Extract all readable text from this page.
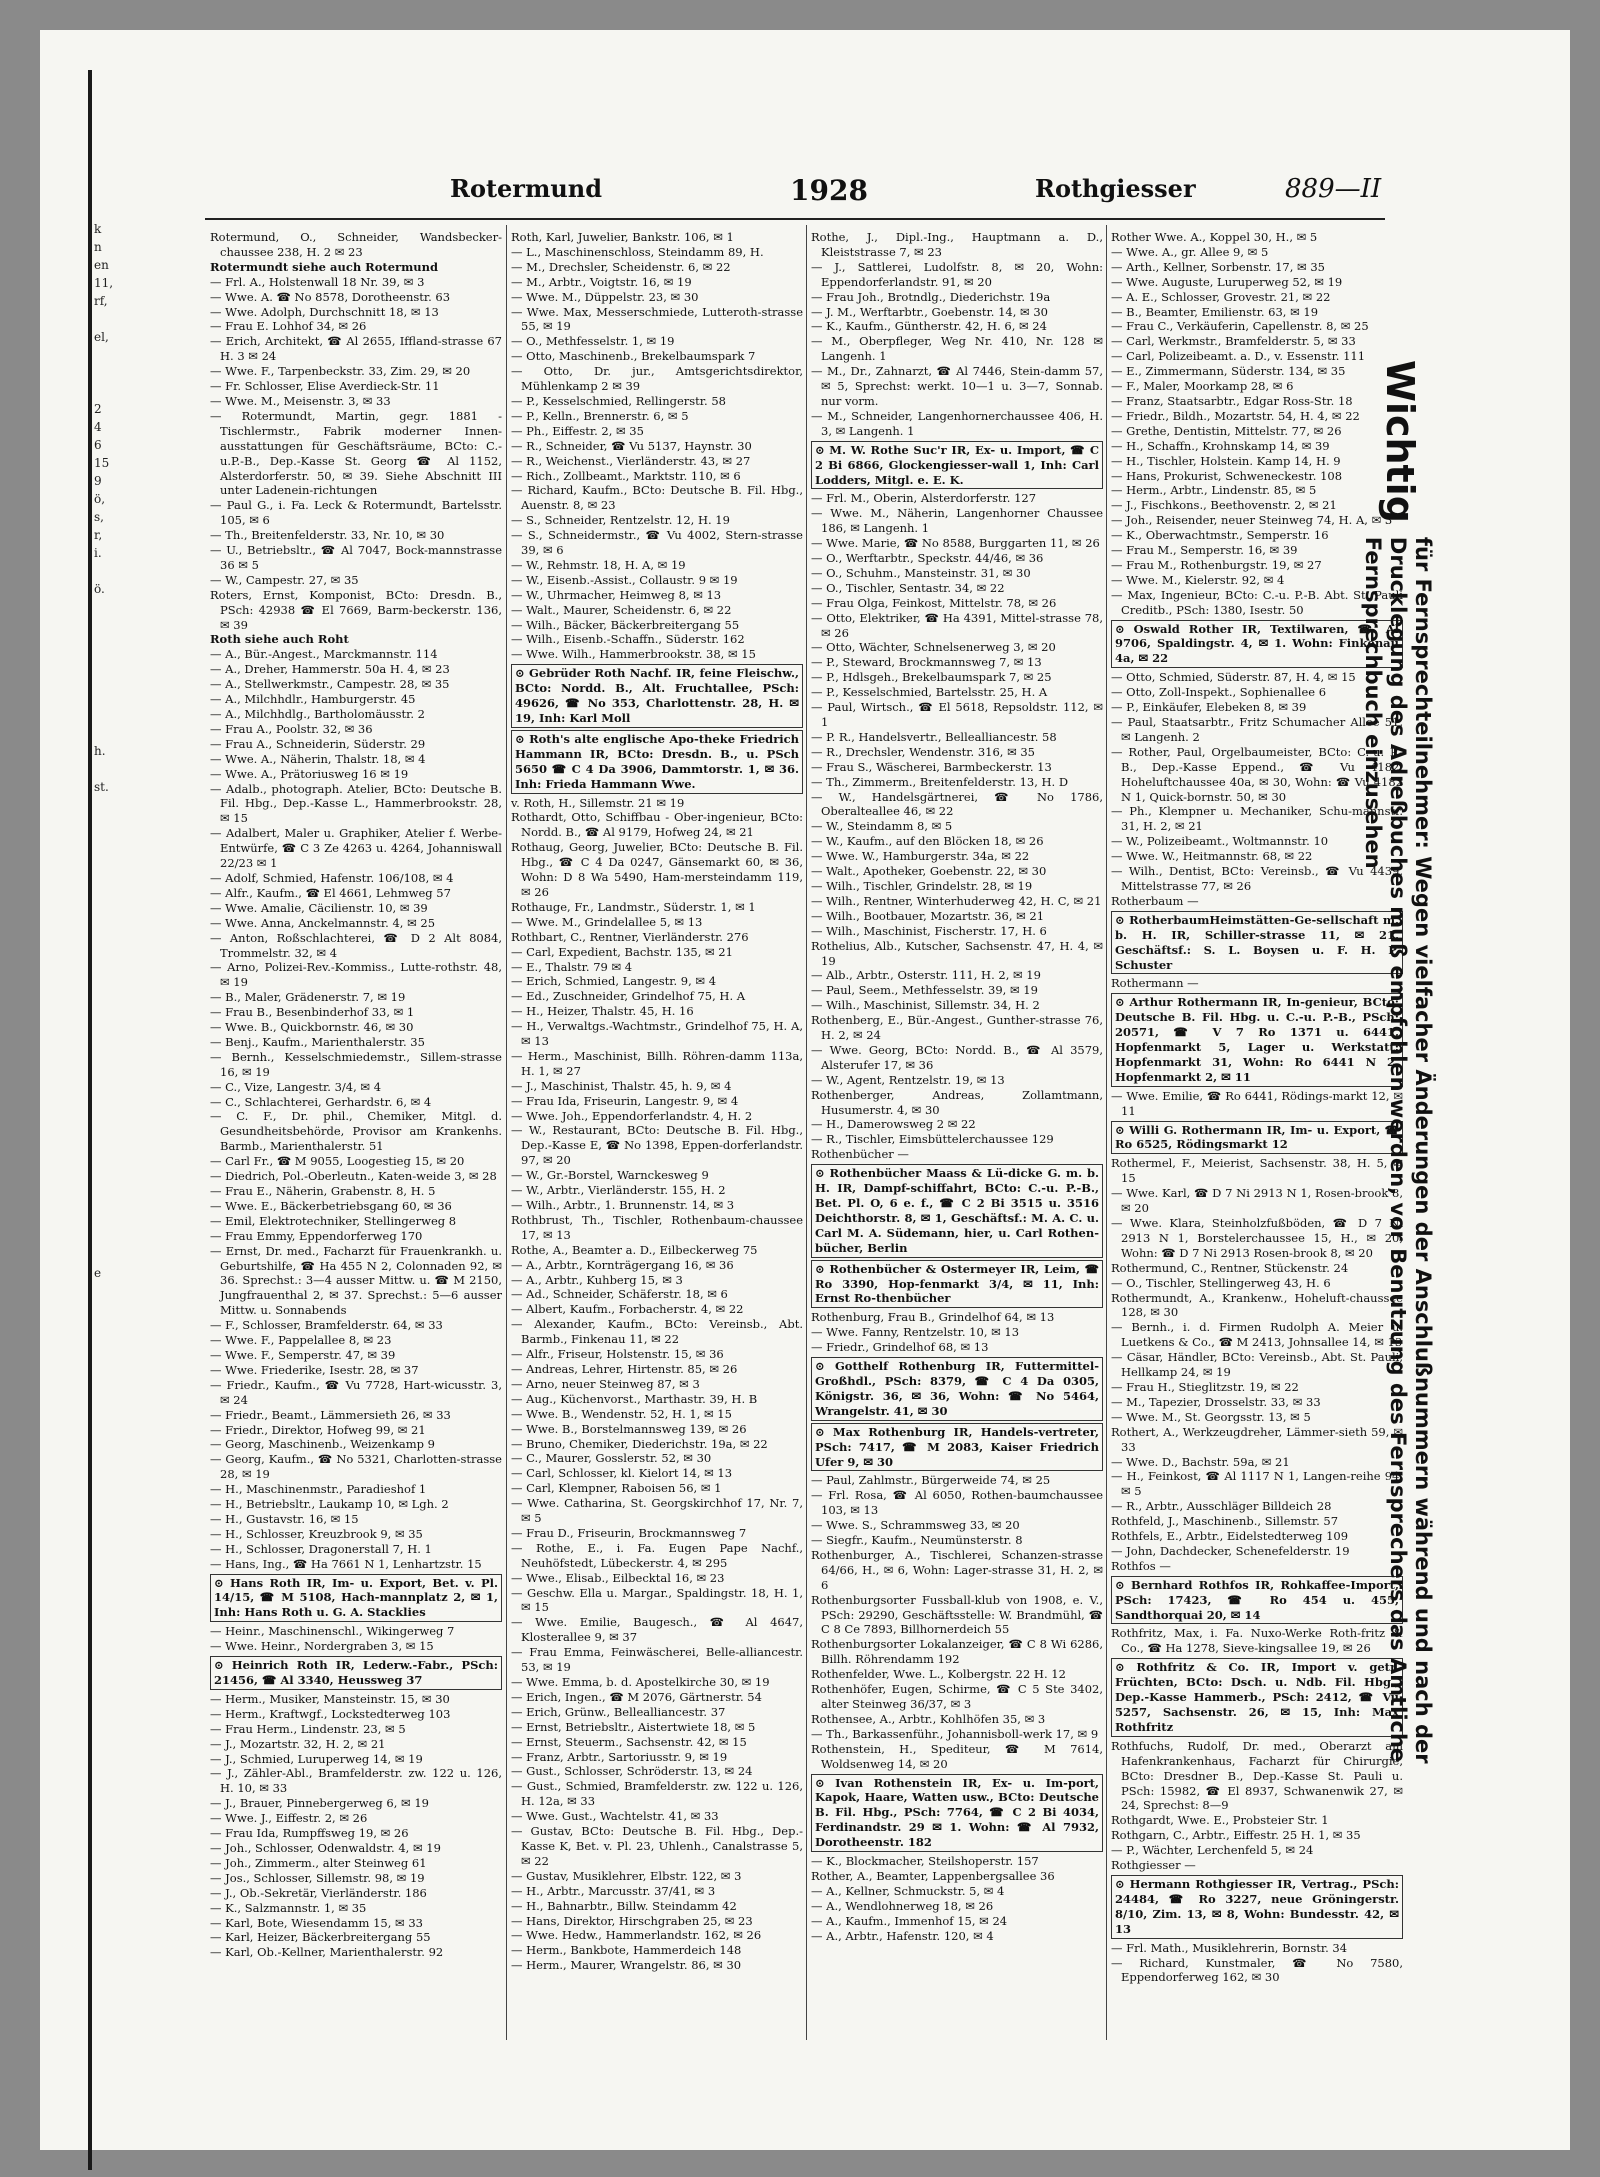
k
n
en
11,
rf,

el,

2
4
6
15
9
ö,
s,
r,
i.

ö.

h.

st.

e

Rotermund	1928	Rothgiesser	889—II

Rotermund, O., Schneider, Wandsbecker-chaussee 238, H. 2 ✉ 23

Rotermundt siehe auch Rotermund

— Frl. A., Holstenwall 18 Nr. 39, ✉ 3

— Wwe. A. ☎ No 8578, Dorotheenstr. 63

— Wwe. Adolph, Durchschnitt 18, ✉ 13

— Frau E. Lohhof 34, ✉ 26

— Erich, Architekt, ☎ Al 2655, Iffland-strasse 67 H. 3 ✉ 24

— Wwe. F., Tarpenbeckstr. 33, Zim. 29, ✉ 20

— Fr. Schlosser, Elise Averdieck-Str. 11

— Wwe. M., Meisenstr. 3, ✉ 33

— Rotermundt, Martin, gegr. 1881 - Tischlermstr., Fabrik moderner Innen-ausstattungen für Geschäftsräume, BCto: C.-u.P.-B., Dep.-Kasse St. Georg ☎ Al 1152, Alsterdorferstr. 50, ✉ 39. Siehe Abschnitt III unter Ladenein-richtungen

— Paul G., i. Fa. Leck & Rotermundt, Bartelsstr. 105, ✉ 6

— Th., Breitenfelderstr. 33, Nr. 10, ✉ 30

— U., Betriebsltr., ☎ Al 7047, Bock-mannstrasse 36 ✉ 5

— W., Campestr. 27, ✉ 35

Roters, Ernst, Komponist, BCto: Dresdn. B., PSch: 42938 ☎ El 7669, Barm-beckerstr. 136, ✉ 39

Roth siehe auch Roht

— A., Bür.-Angest., Marckmannstr. 114

— A., Dreher, Hammerstr. 50a H. 4, ✉ 23

— A., Stellwerkmstr., Campestr. 28, ✉ 35

— A., Milchhdlr., Hamburgerstr. 45

— A., Milchhdlg., Bartholomäusstr. 2

— Frau A., Poolstr. 32, ✉ 36

— Frau A., Schneiderin, Süderstr. 29

— Wwe. A., Näherin, Thalstr. 18, ✉ 4

— Wwe. A., Prätoriusweg 16 ✉ 19

— Adalb., photograph. Atelier, BCto: Deutsche B. Fil. Hbg., Dep.-Kasse L., Hammerbrookstr. 28, ✉ 15

— Adalbert, Maler u. Graphiker, Atelier f. Werbe-Entwürfe, ☎ C 3 Ze 4263 u. 4264, Johanniswall 22/23 ✉ 1

— Adolf, Schmied, Hafenstr. 106/108, ✉ 4

— Alfr., Kaufm., ☎ El 4661, Lehmweg 57

— Wwe. Amalie, Cäcilienstr. 10, ✉ 39

— Wwe. Anna, Anckelmannstr. 4, ✉ 25

— Anton, Roßschlachterei, ☎ D 2 Alt 8084, Trommelstr. 32, ✉ 4

— Arno, Polizei-Rev.-Kommiss., Lutte-rothstr. 48, ✉ 19

— B., Maler, Grädenerstr. 7, ✉ 19

— Frau B., Besenbinderhof 33, ✉ 1

— Wwe. B., Quickbornstr. 46, ✉ 30

— Benj., Kaufm., Marienthalerstr. 35

— Bernh., Kesselschmiedemstr., Sillem-strasse 16, ✉ 19

— C., Vize, Langestr. 3/4, ✉ 4

— C., Schlachterei, Gerhardstr. 6, ✉ 4

— C. F., Dr. phil., Chemiker, Mitgl. d. Gesundheitsbehörde, Provisor am Krankenhs. Barmb., Marienthalerstr. 51

— Carl Fr., ☎ M 9055, Loogestieg 15, ✉ 20

— Diedrich, Pol.-Oberleutn., Katen-weide 3, ✉ 28

— Frau E., Näherin, Grabenstr. 8, H. 5

— Wwe. E., Bäckerbetriebsgang 60, ✉ 36

— Emil, Elektrotechniker, Stellingerweg 8

— Frau Emmy, Eppendorferweg 170

— Ernst, Dr. med., Facharzt für Frauenkrankh. u. Geburtshilfe, ☎ Ha 455 N 2, Colonnaden 92, ✉ 36. Sprechst.: 3—4 ausser Mittw. u. ☎ M 2150, Jungfrauenthal 2, ✉ 37. Sprechst.: 5—6 ausser Mittw. u. Sonnabends

— F., Schlosser, Bramfelderstr. 64, ✉ 33

— Wwe. F., Pappelallee 8, ✉ 23

— Wwe. F., Semperstr. 47, ✉ 39

— Wwe. Friederike, Isestr. 28, ✉ 37

— Friedr., Kaufm., ☎ Vu 7728, Hart-wicusstr. 3, ✉ 24

— Friedr., Beamt., Lämmersieth 26, ✉ 33

— Friedr., Direktor, Hofweg 99, ✉ 21

— Georg, Maschinenb., Weizenkamp 9

— Georg, Kaufm., ☎ No 5321, Charlotten-strasse 28, ✉ 19

— H., Maschinenmstr., Paradieshof 1

— H., Betriebsltr., Laukamp 10, ✉ Lgh. 2

— H., Gustavstr. 16, ✉ 15

— H., Schlosser, Kreuzbrook 9, ✉ 35

— H., Schlosser, Dragonerstall 7, H. 1

— Hans, Ing., ☎ Ha 7661 N 1, Lenhartzstr. 15

⊙ Hans Roth IR, Im- u. Export, Bet. v. Pl. 14/15, ☎ M 5108, Hach-mannplatz 2, ✉ 1, Inh: Hans Roth u. G. A. Stacklies

— Heinr., Maschinenschl., Wikingerweg 7

— Wwe. Heinr., Nordergraben 3, ✉ 15

⊙ Heinrich Roth IR, Lederw.-Fabr., PSch: 21456, ☎ Al 3340, Heussweg 37

— Herm., Musiker, Mansteinstr. 15, ✉ 30

— Herm., Kraftwgf., Lockstedterweg 103

— Frau Herm., Lindenstr. 23, ✉ 5

— J., Mozartstr. 32, H. 2, ✉ 21

— J., Schmied, Luruperweg 14, ✉ 19

— J., Zähler-Abl., Bramfelderstr. zw. 122 u. 126, H. 10, ✉ 33

— J., Brauer, Pinnebergerweg 6, ✉ 19

— Wwe. J., Eiffestr. 2, ✉ 26

— Frau Ida, Rumpffsweg 19, ✉ 26

— Joh., Schlosser, Odenwaldstr. 4, ✉ 19

— Joh., Zimmerm., alter Steinweg 61

— Jos., Schlosser, Sillemstr. 98, ✉ 19

— J., Ob.-Sekretär, Vierländerstr. 186

— K., Salzmannstr. 1, ✉ 35

— Karl, Bote, Wiesendamm 15, ✉ 33

— Karl, Heizer, Bäckerbreitergang 55

— Karl, Ob.-Kellner, Marienthalerstr. 92

Roth, Karl, Juwelier, Bankstr. 106, ✉ 1

— L., Maschinenschloss, Steindamm 89, H.

— M., Drechsler, Scheidenstr. 6, ✉ 22

— M., Arbtr., Voigtstr. 16, ✉ 19

— Wwe. M., Düppelstr. 23, ✉ 30

— Wwe. Max, Messerschmiede, Lutteroth-strasse 55, ✉ 19

— O., Methfesselstr. 1, ✉ 19

— Otto, Maschinenb., Brekelbaumspark 7

— Otto, Dr. jur., Amtsgerichtsdirektor, Mühlenkamp 2 ✉ 39

— P., Kesselschmied, Rellingerstr. 58

— P., Kelln., Brennerstr. 6, ✉ 5

— Ph., Eiffestr. 2, ✉ 35

— R., Schneider, ☎ Vu 5137, Haynstr. 30

— R., Weichenst., Vierländerstr. 43, ✉ 27

— Rich., Zollbeamt., Marktstr. 110, ✉ 6

— Richard, Kaufm., BCto: Deutsche B. Fil. Hbg., Auenstr. 8, ✉ 23

— S., Schneider, Rentzelstr. 12, H. 19

— S., Schneidermstr., ☎ Vu 4002, Stern-strasse 39, ✉ 6

— W., Rehmstr. 18, H. A, ✉ 19

— W., Eisenb.-Assist., Collaustr. 9 ✉ 19

— W., Uhrmacher, Heimweg 8, ✉ 13

— Walt., Maurer, Scheidenstr. 6, ✉ 22

— Wilh., Bäcker, Bäckerbreitergang 55

— Wilh., Eisenb.-Schaffn., Süderstr. 162

— Wwe. Wilh., Hammerbrookstr. 38, ✉ 15

⊙ Gebrüder Roth Nachf. IR, feine Fleischw., BCto: Nordd. B., Alt. Fruchtallee, PSch: 49626, ☎ No 353, Charlottenstr. 28, H. ✉ 19, Inh: Karl Moll

⊙ Roth's alte englische Apo-theke Friedrich Hammann IR, BCto: Dresdn. B., u. PSch 5650 ☎ C 4 Da 3906, Dammtorstr. 1, ✉ 36. Inh: Frieda Hammann Wwe.

v. Roth, H., Sillemstr. 21 ✉ 19

Rothardt, Otto, Schiffbau - Ober-ingenieur, BCto: Nordd. B., ☎ Al 9179, Hofweg 24, ✉ 21

Rothaug, Georg, Juwelier, BCto: Deutsche B. Fil. Hbg., ☎ C 4 Da 0247, Gänsemarkt 60, ✉ 36, Wohn: D 8 Wa 5490, Ham-mersteindamm 119, ✉ 26

Rothauge, Fr., Landmstr., Süderstr. 1, ✉ 1

— Wwe. M., Grindelallee 5, ✉ 13

Rothbart, C., Rentner, Vierländerstr. 276

— Carl, Expedient, Bachstr. 135, ✉ 21

— E., Thalstr. 79 ✉ 4

— Erich, Schmied, Langestr. 9, ✉ 4

— Ed., Zuschneider, Grindelhof 75, H. A

— H., Heizer, Thalstr. 45, H. 16

— H., Verwaltgs.-Wachtmstr., Grindelhof 75, H. A, ✉ 13

— Herm., Maschinist, Billh. Röhren-damm 113a, H. 1, ✉ 27

— J., Maschinist, Thalstr. 45, h. 9, ✉ 4

— Frau Ida, Friseurin, Langestr. 9, ✉ 4

— Wwe. Joh., Eppendorferlandstr. 4, H. 2

— W., Restaurant, BCto: Deutsche B. Fil. Hbg., Dep.-Kasse E, ☎ No 1398, Eppen-dorferlandstr. 97, ✉ 20

— W., Gr.-Borstel, Warnckesweg 9

— W., Arbtr., Vierländerstr. 155, H. 2

— Wilh., Arbtr., 1. Brunnenstr. 14, ✉ 3

Rothbrust, Th., Tischler, Rothenbaum-chaussee 17, ✉ 13

Rothe, A., Beamter a. D., Eilbeckerweg 75

— A., Arbtr., Kornträgergang 16, ✉ 36

— A., Arbtr., Kuhberg 15, ✉ 3

— Ad., Schneider, Schäferstr. 18, ✉ 6

— Albert, Kaufm., Forbacherstr. 4, ✉ 22

— Alexander, Kaufm., BCto: Vereinsb., Abt. Barmb., Finkenau 11, ✉ 22

— Alfr., Friseur, Holstenstr. 15, ✉ 36

— Andreas, Lehrer, Hirtenstr. 85, ✉ 26

— Arno, neuer Steinweg 87, ✉ 3

— Aug., Küchenvorst., Marthastr. 39, H. B

— Wwe. B., Wendenstr. 52, H. 1, ✉ 15

— Wwe. B., Borstelmannsweg 139, ✉ 26

— Bruno, Chemiker, Diederichstr. 19a, ✉ 22

— C., Maurer, Gosslerstr. 52, ✉ 30

— Carl, Schlosser, kl. Kielort 14, ✉ 13

— Carl, Klempner, Raboisen 56, ✉ 1

— Wwe. Catharina, St. Georgskirchhof 17, Nr. 7, ✉ 5

— Frau D., Friseurin, Brockmannsweg 7

— Rothe, E., i. Fa. Eugen Pape Nachf., Neuhöfstedt, Lübeckerstr. 4, ✉ 295

— Wwe., Elisab., Eilbecktal 16, ✉ 23

— Geschw. Ella u. Margar., Spaldingstr. 18, H. 1, ✉ 15

— Wwe. Emilie, Baugesch., ☎ Al 4647, Klosterallee 9, ✉ 37

— Frau Emma, Feinwäscherei, Belle-alliancestr. 53, ✉ 19

— Wwe. Emma, b. d. Apostelkirche 30, ✉ 19

— Erich, Ingen., ☎ M 2076, Gärtnerstr. 54

— Erich, Grünw., Bellealliancestr. 37

— Ernst, Betriebsltr., Aistertwiete 18, ✉ 5

— Ernst, Steuerm., Sachsenstr. 42, ✉ 15

— Franz, Arbtr., Sartoriusstr. 9, ✉ 19

— Gust., Schlosser, Schröderstr. 13, ✉ 24

— Gust., Schmied, Bramfelderstr. zw. 122 u. 126, H. 12a, ✉ 33

— Wwe. Gust., Wachtelstr. 41, ✉ 33

— Gustav, BCto: Deutsche B. Fil. Hbg., Dep.-Kasse K, Bet. v. Pl. 23, Uhlenh., Canalstrasse 5, ✉ 22

— Gustav, Musiklehrer, Elbstr. 122, ✉ 3

— H., Arbtr., Marcusstr. 37/41, ✉ 3

— H., Bahnarbtr., Billw. Steindamm 42

— Hans, Direktor, Hirschgraben 25, ✉ 23

— Wwe. Hedw., Hammerlandstr. 162, ✉ 26

— Herm., Bankbote, Hammerdeich 148

— Herm., Maurer, Wrangelstr. 86, ✉ 30

Rothe, J., Dipl.-Ing., Hauptmann a. D., Kleiststrasse 7, ✉ 23

— J., Sattlerei, Ludolfstr. 8, ✉ 20, Wohn: Eppendorferlandstr. 91, ✉ 20

— Frau Joh., Brotndlg., Diederichstr. 19a

— J. M., Werftarbtr., Goebenstr. 14, ✉ 30

— K., Kaufm., Güntherstr. 42, H. 6, ✉ 24

— M., Oberpfleger, Weg Nr. 410, Nr. 128 ✉ Langenh. 1

— M., Dr., Zahnarzt, ☎ Al 7446, Stein-damm 57, ✉ 5, Sprechst: werkt. 10—1 u. 3—7, Sonnab. nur vorm.

— M., Schneider, Langenhornerchaussee 406, H. 3, ✉ Langenh. 1

⊙ M. W. Rothe Suc'r IR, Ex- u. Import, ☎ C 2 Bi 6866, Glockengiesser-wall 1, Inh: Carl Lodders, Mitgl. e. E. K.

— Frl. M., Oberin, Alsterdorferstr. 127

— Wwe. M., Näherin, Langenhorner Chaussee 186, ✉ Langenh. 1

— Wwe. Marie, ☎ No 8588, Burggarten 11, ✉ 26

— O., Werftarbtr., Speckstr. 44/46, ✉ 36

— O., Schuhm., Mansteinstr. 31, ✉ 30

— O., Tischler, Sentastr. 34, ✉ 22

— Frau Olga, Feinkost, Mittelstr. 78, ✉ 26

— Otto, Elektriker, ☎ Ha 4391, Mittel-strasse 78, ✉ 26

— Otto, Wächter, Schnelsenerweg 3, ✉ 20

— P., Steward, Brockmannsweg 7, ✉ 13

— P., Hdlsgeh., Brekelbaumspark 7, ✉ 25

— P., Kesselschmied, Bartelsstr. 25, H. A

— Paul, Wirtsch., ☎ El 5618, Repsoldstr. 112, ✉ 1

— P. R., Handelsvertr., Bellealliancestr. 58

— R., Drechsler, Wendenstr. 316, ✉ 35

— Frau S., Wäscherei, Barmbeckerstr. 13

— Th., Zimmerm., Breitenfelderstr. 13, H. D

— W., Handelsgärtnerei, ☎ No 1786, Oberalteallee 46, ✉ 22

— W., Steindamm 8, ✉ 5

— W., Kaufm., auf den Blöcken 18, ✉ 26

— Wwe. W., Hamburgerstr. 34a, ✉ 22

— Walt., Apotheker, Goebenstr. 22, ✉ 30

— Wilh., Tischler, Grindelstr. 28, ✉ 19

— Wilh., Rentner, Winterhuderweg 42, H. C, ✉ 21

— Wilh., Bootbauer, Mozartstr. 36, ✉ 21

— Wilh., Maschinist, Fischerstr. 17, H. 6

Rothelius, Alb., Kutscher, Sachsenstr. 47, H. 4, ✉ 19

— Alb., Arbtr., Osterstr. 111, H. 2, ✉ 19

— Paul, Seem., Methfesselstr. 39, ✉ 19

— Wilh., Maschinist, Sillemstr. 34, H. 2

Rothenberg, E., Bür.-Angest., Gunther-strasse 76, H. 2, ✉ 24

— Wwe. Georg, BCto: Nordd. B., ☎ Al 3579, Alsterufer 17, ✉ 36

— W., Agent, Rentzelstr. 19, ✉ 13

Rothenberger, Andreas, Zollamtmann, Husumerstr. 4, ✉ 30

— H., Damerowsweg 2 ✉ 22

— R., Tischler, Eimsbüttelerchaussee 129

Rothenbücher —

⊙ Rothenbücher Maass & Lü-dicke G. m. b. H. IR, Dampf-schiffahrt, BCto: C.-u. P.-B., Bet. Pl. O, 6 e. f., ☎ C 2 Bi 3515 u. 3516 Deichthorstr. 8, ✉ 1, Geschäftsf.: M. A. C. u. Carl M. A. Südemann, hier, u. Carl Rothen-bücher, Berlin

⊙ Rothenbücher & Ostermeyer IR, Leim, ☎ Ro 3390, Hop-fenmarkt 3/4, ✉ 11, Inh: Ernst Ro-thenbücher

Rothenburg, Frau B., Grindelhof 64, ✉ 13

— Wwe. Fanny, Rentzelstr. 10, ✉ 13

— Friedr., Grindelhof 68, ✉ 13

⊙ Gotthelf Rothenburg IR, Futtermittel-Großhdl., PSch: 8379, ☎ C 4 Da 0305, Königstr. 36, ✉ 36, Wohn: ☎ No 5464, Wrangelstr. 41, ✉ 30

⊙ Max Rothenburg IR, Handels-vertreter, PSch: 7417, ☎ M 2083, Kaiser Friedrich Ufer 9, ✉ 30

— Paul, Zahlmstr., Bürgerweide 74, ✉ 25

— Frl. Rosa, ☎ Al 6050, Rothen-baumchaussee 103, ✉ 13

— Wwe. S., Schrammsweg 33, ✉ 20

— Siegfr., Kaufm., Neumünsterstr. 8

Rothenburger, A., Tischlerei, Schanzen-strasse 64/66, H., ✉ 6, Wohn: Lager-strasse 31, H. 2, ✉ 6

Rothenburgsorter Fussball-klub von 1908, e. V., PSch: 29290, Geschäftsstelle: W. Brandmühl, ☎ C 8 Ce 7893, Billhornerdeich 55

Rothenburgsorter Lokalanzeiger, ☎ C 8 Wi 6286, Billh. Röhrendamm 192

Rothenfelder, Wwe. L., Kolbergstr. 22 H. 12

Rothenhöfer, Eugen, Schirme, ☎ C 5 Ste 3402, alter Steinweg 36/37, ✉ 3

Rothensee, A., Arbtr., Kohlhöfen 35, ✉ 3

— Th., Barkassenführ., Johannisboll-werk 17, ✉ 9

Rothenstein, H., Spediteur, ☎ M 7614, Woldsenweg 14, ✉ 20

⊙ Ivan Rothenstein IR, Ex- u. Im-port, Kapok, Haare, Watten usw., BCto: Deutsche B. Fil. Hbg., PSch: 7764, ☎ C 2 Bi 4034, Ferdinandstr. 29 ✉ 1. Wohn: ☎ Al 7932, Dorotheenstr. 182

— K., Blockmacher, Steilshoperstr. 157

Rother, A., Beamter, Lappenbergsallee 36

— A., Kellner, Schmuckstr. 5, ✉ 4

— A., Wendlohnerweg 18, ✉ 26

— A., Kaufm., Immenhof 15, ✉ 24

— A., Arbtr., Hafenstr. 120, ✉ 4

Rother Wwe. A., Koppel 30, H., ✉ 5

— Wwe. A., gr. Allee 9, ✉ 5

— Arth., Kellner, Sorbenstr. 17, ✉ 35

— Wwe. Auguste, Luruperweg 52, ✉ 19

— A. E., Schlosser, Grovestr. 21, ✉ 22

— B., Beamter, Emilienstr. 63, ✉ 19

— Frau C., Verkäuferin, Capellenstr. 8, ✉ 25

— Carl, Werkmstr., Bramfelderstr. 5, ✉ 33

— Carl, Polizeibeamt. a. D., v. Essenstr. 111

— E., Zimmermann, Süderstr. 134, ✉ 35

— F., Maler, Moorkamp 28, ✉ 6

— Franz, Staatsarbtr., Edgar Ross-Str. 18

— Friedr., Bildh., Mozartstr. 54, H. 4, ✉ 22

— Grethe, Dentistin, Mittelstr. 77, ✉ 26

— H., Schaffn., Krohnskamp 14, ✉ 39

— H., Tischler, Holstein. Kamp 14, H. 9

— Hans, Prokurist, Schweneckestr. 108

— Herm., Arbtr., Lindenstr. 85, ✉ 5

— J., Fischkons., Beethovenstr. 2, ✉ 21

— Joh., Reisender, neuer Steinweg 74, H. A, ✉ 3

— K., Oberwachtmstr., Semperstr. 16

— Frau M., Semperstr. 16, ✉ 39

— Frau M., Rothenburgstr. 19, ✉ 27

— Wwe. M., Kielerstr. 92, ✉ 4

— Max, Ingenieur, BCto: C.-u. P.-B. Abt. St. Pauli Creditb., PSch: 1380, Isestr. 50

⊙ Oswald Rother IR, Textilwaren, ☎ Al 9706, Spaldingstr. 4, ✉ 1. Wohn: Finkenau 4a, ✉ 22

— Otto, Schmied, Süderstr. 87, H. 4, ✉ 15

— Otto, Zoll-Inspekt., Sophienallee 6

— P., Einkäufer, Elebeken 8, ✉ 39

— Paul, Staatsarbtr., Fritz Schumacher Allee 51, ✉ Langenh. 2

— Rother, Paul, Orgelbaumeister, BCto: C.-u. P.-B., Dep.-Kasse Eppend., ☎ Vu 4182, Hoheluftchaussee 40a, ✉ 30, Wohn: ☎ Vu 4182 N 1, Quick-bornstr. 50, ✉ 30

— Ph., Klempner u. Mechaniker, Schu-mannstr. 31, H. 2, ✉ 21

— W., Polizeibeamt., Woltmannstr. 10

— Wwe. W., Heitmannstr. 68, ✉ 22

— Wilh., Dentist, BCto: Vereinsb., ☎ Vu 4439, Mittelstrasse 77, ✉ 26

Rotherbaum —

⊙ RotherbaumHeimstätten-Ge-sellschaft m. b. H. IR, Schiller-strasse 11, ✉ 21, Geschäftsf.: S. L. Boysen u. F. H. P. Schuster

Rothermann —

⊙ Arthur Rothermann IR, In-genieur, BCto: Deutsche B. Fil. Hbg. u. C.-u. P.-B., PSch: 20571, ☎ V 7 Ro 1371 u. 6441, Hopfenmarkt 5, Lager u. Werkstatt: Hopfenmarkt 31, Wohn: Ro 6441 N 2, Hopfenmarkt 2, ✉ 11

— Wwe. Emilie, ☎ Ro 6441, Rödings-markt 12, ✉ 11

⊙ Willi G. Rothermann IR, Im- u. Export, ☎ Ro 6525, Rödingsmarkt 12

Rothermel, F., Meierist, Sachsenstr. 38, H. 5, ✉ 15

— Wwe. Karl, ☎ D 7 Ni 2913 N 1, Rosen-brook 8, ✉ 20

— Wwe. Klara, Steinholzfußböden, ☎ D 7 Ni 2913 N 1, Borstelerchaussee 15, H., ✉ 20, Wohn: ☎ D 7 Ni 2913 Rosen-brook 8, ✉ 20

Rothermund, C., Rentner, Stückenstr. 24

— O., Tischler, Stellingerweg 43, H. 6

Rothermundt, A., Krankenw., Hoheluft-chaussee 128, ✉ 30

— Bernh., i. d. Firmen Rudolph A. Meier u. Luetkens & Co., ☎ M 2413, Johnsallee 14, ✉ 13

— Cäsar, Händler, BCto: Vereinsb., Abt. St. Pauli, Hellkamp 24, ✉ 19

— Frau H., Stieglitzstr. 19, ✉ 22

— M., Tapezier, Drosselstr. 33, ✉ 33

— Wwe. M., St. Georgsstr. 13, ✉ 5

Rothert, A., Werkzeugdreher, Lämmer-sieth 59, ✉ 33

— Wwe. D., Bachstr. 59a, ✉ 21

— H., Feinkost, ☎ Al 1117 N 1, Langen-reihe 94, ✉ 5

— R., Arbtr., Ausschläger Billdeich 28

Rothfeld, J., Maschinenb., Sillemstr. 57

Rothfels, E., Arbtr., Eidelstedterweg 109

— John, Dachdecker, Schenefelderstr. 19

Rothfos —

⊙ Bernhard Rothfos IR, Rohkaffee-Import, PSch: 17423, ☎ Ro 454 u. 455, Sandthorquai 20, ✉ 14

Rothfritz, Max, i. Fa. Nuxo-Werke Roth-fritz & Co., ☎ Ha 1278, Sieve-kingsallee 19, ✉ 26

⊙ Rothfritz & Co. IR, Import v. getr. Früchten, BCto: Dsch. u. Ndb. Fil. Hbg., Dep.-Kasse Hammerb., PSch: 2412, ☎ Vu 5257, Sachsenstr. 26, ✉ 15, Inh: Max Rothfritz

Rothfuchs, Rudolf, Dr. med., Oberarzt am Hafenkrankenhaus, Facharzt für Chirurgie, BCto: Dresdner B., Dep.-Kasse St. Pauli u. PSch: 15982, ☎ El 8937, Schwanenwik 27, ✉ 24, Sprechst: 8—9

Rothgardt, Wwe. E., Probsteier Str. 1

Rothgarn, C., Arbtr., Eiffestr. 25 H. 1, ✉ 35

— P., Wächter, Lerchenfeld 5, ✉ 24

Rothgiesser —

⊙ Hermann Rothgiesser IR, Vertrag., PSch: 24484, ☎ Ro 3227, neue Gröningerstr. 8/10, Zim. 13, ✉ 8, Wohn: Bundesstr. 42, ✉ 13

— Frl. Math., Musiklehrerin, Bornstr. 34

— Richard, Kunstmaler, ☎ No 7580, Eppendorferweg 162, ✉ 30

Wichtig
für Fernsprechteilnehmer: Wegen vielfacher Änderungen der Anschlußnummern während und nach der Drucklegung des Adreßbuches muß empfohlen werden, vor Benutzung des Fernsprechers das Amtliche Fernsprechbuch einzusehen
